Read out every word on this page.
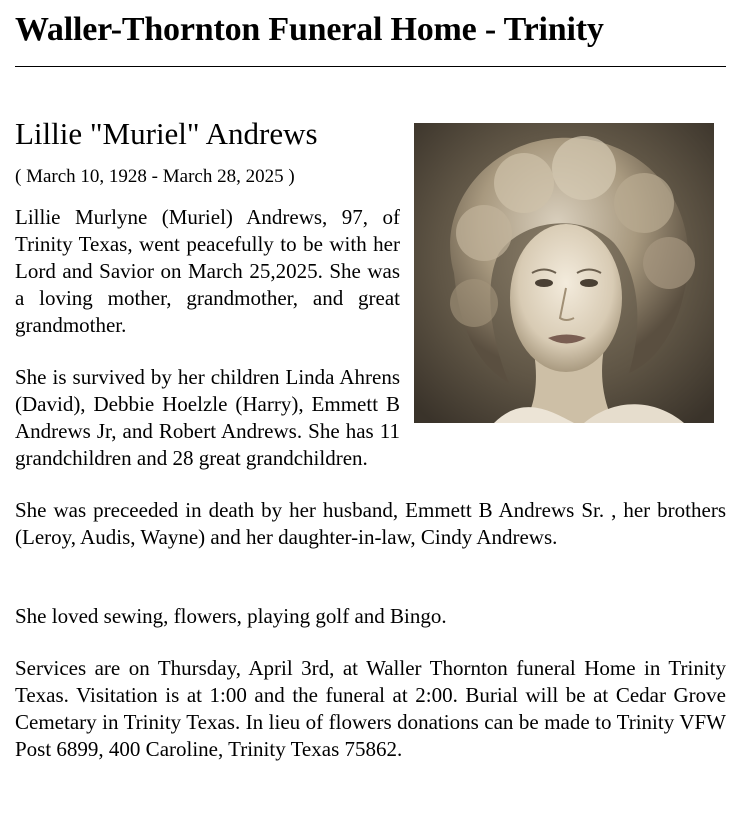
Waller-Thornton Funeral Home - Trinity
Lillie "Muriel" Andrews

( March 10, 1928 - March 28, 2025 )

Lillie Murlyne (Muriel) Andrews, 97, of Trinity Texas, went peacefully to be with her Lord and Savior on March 25,2025. She was a loving mother, grandmother, and great grandmother.

She is survived by her children Linda Ahrens (David), Debbie Hoelzle (Harry), Emmett B Andrews Jr, and Robert Andrews. She has 11 grandchildren and 28 great grandchildren.

She was preceeded in death by her husband, Emmett B Andrews Sr. , her brothers (Leroy, Audis, Wayne) and her daughter-in-law, Cindy Andrews.

She loved sewing, flowers, playing golf and Bingo.

Services are on Thursday, April 3rd, at Waller Thornton funeral Home in Trinity Texas. Visitation is at 1:00 and the funeral at 2:00. Burial will be at Cedar Grove Cemetary in Trinity Texas. In lieu of flowers donations can be made to Trinity VFW Post 6899, 400 Caroline, Trinity Texas 75862.
